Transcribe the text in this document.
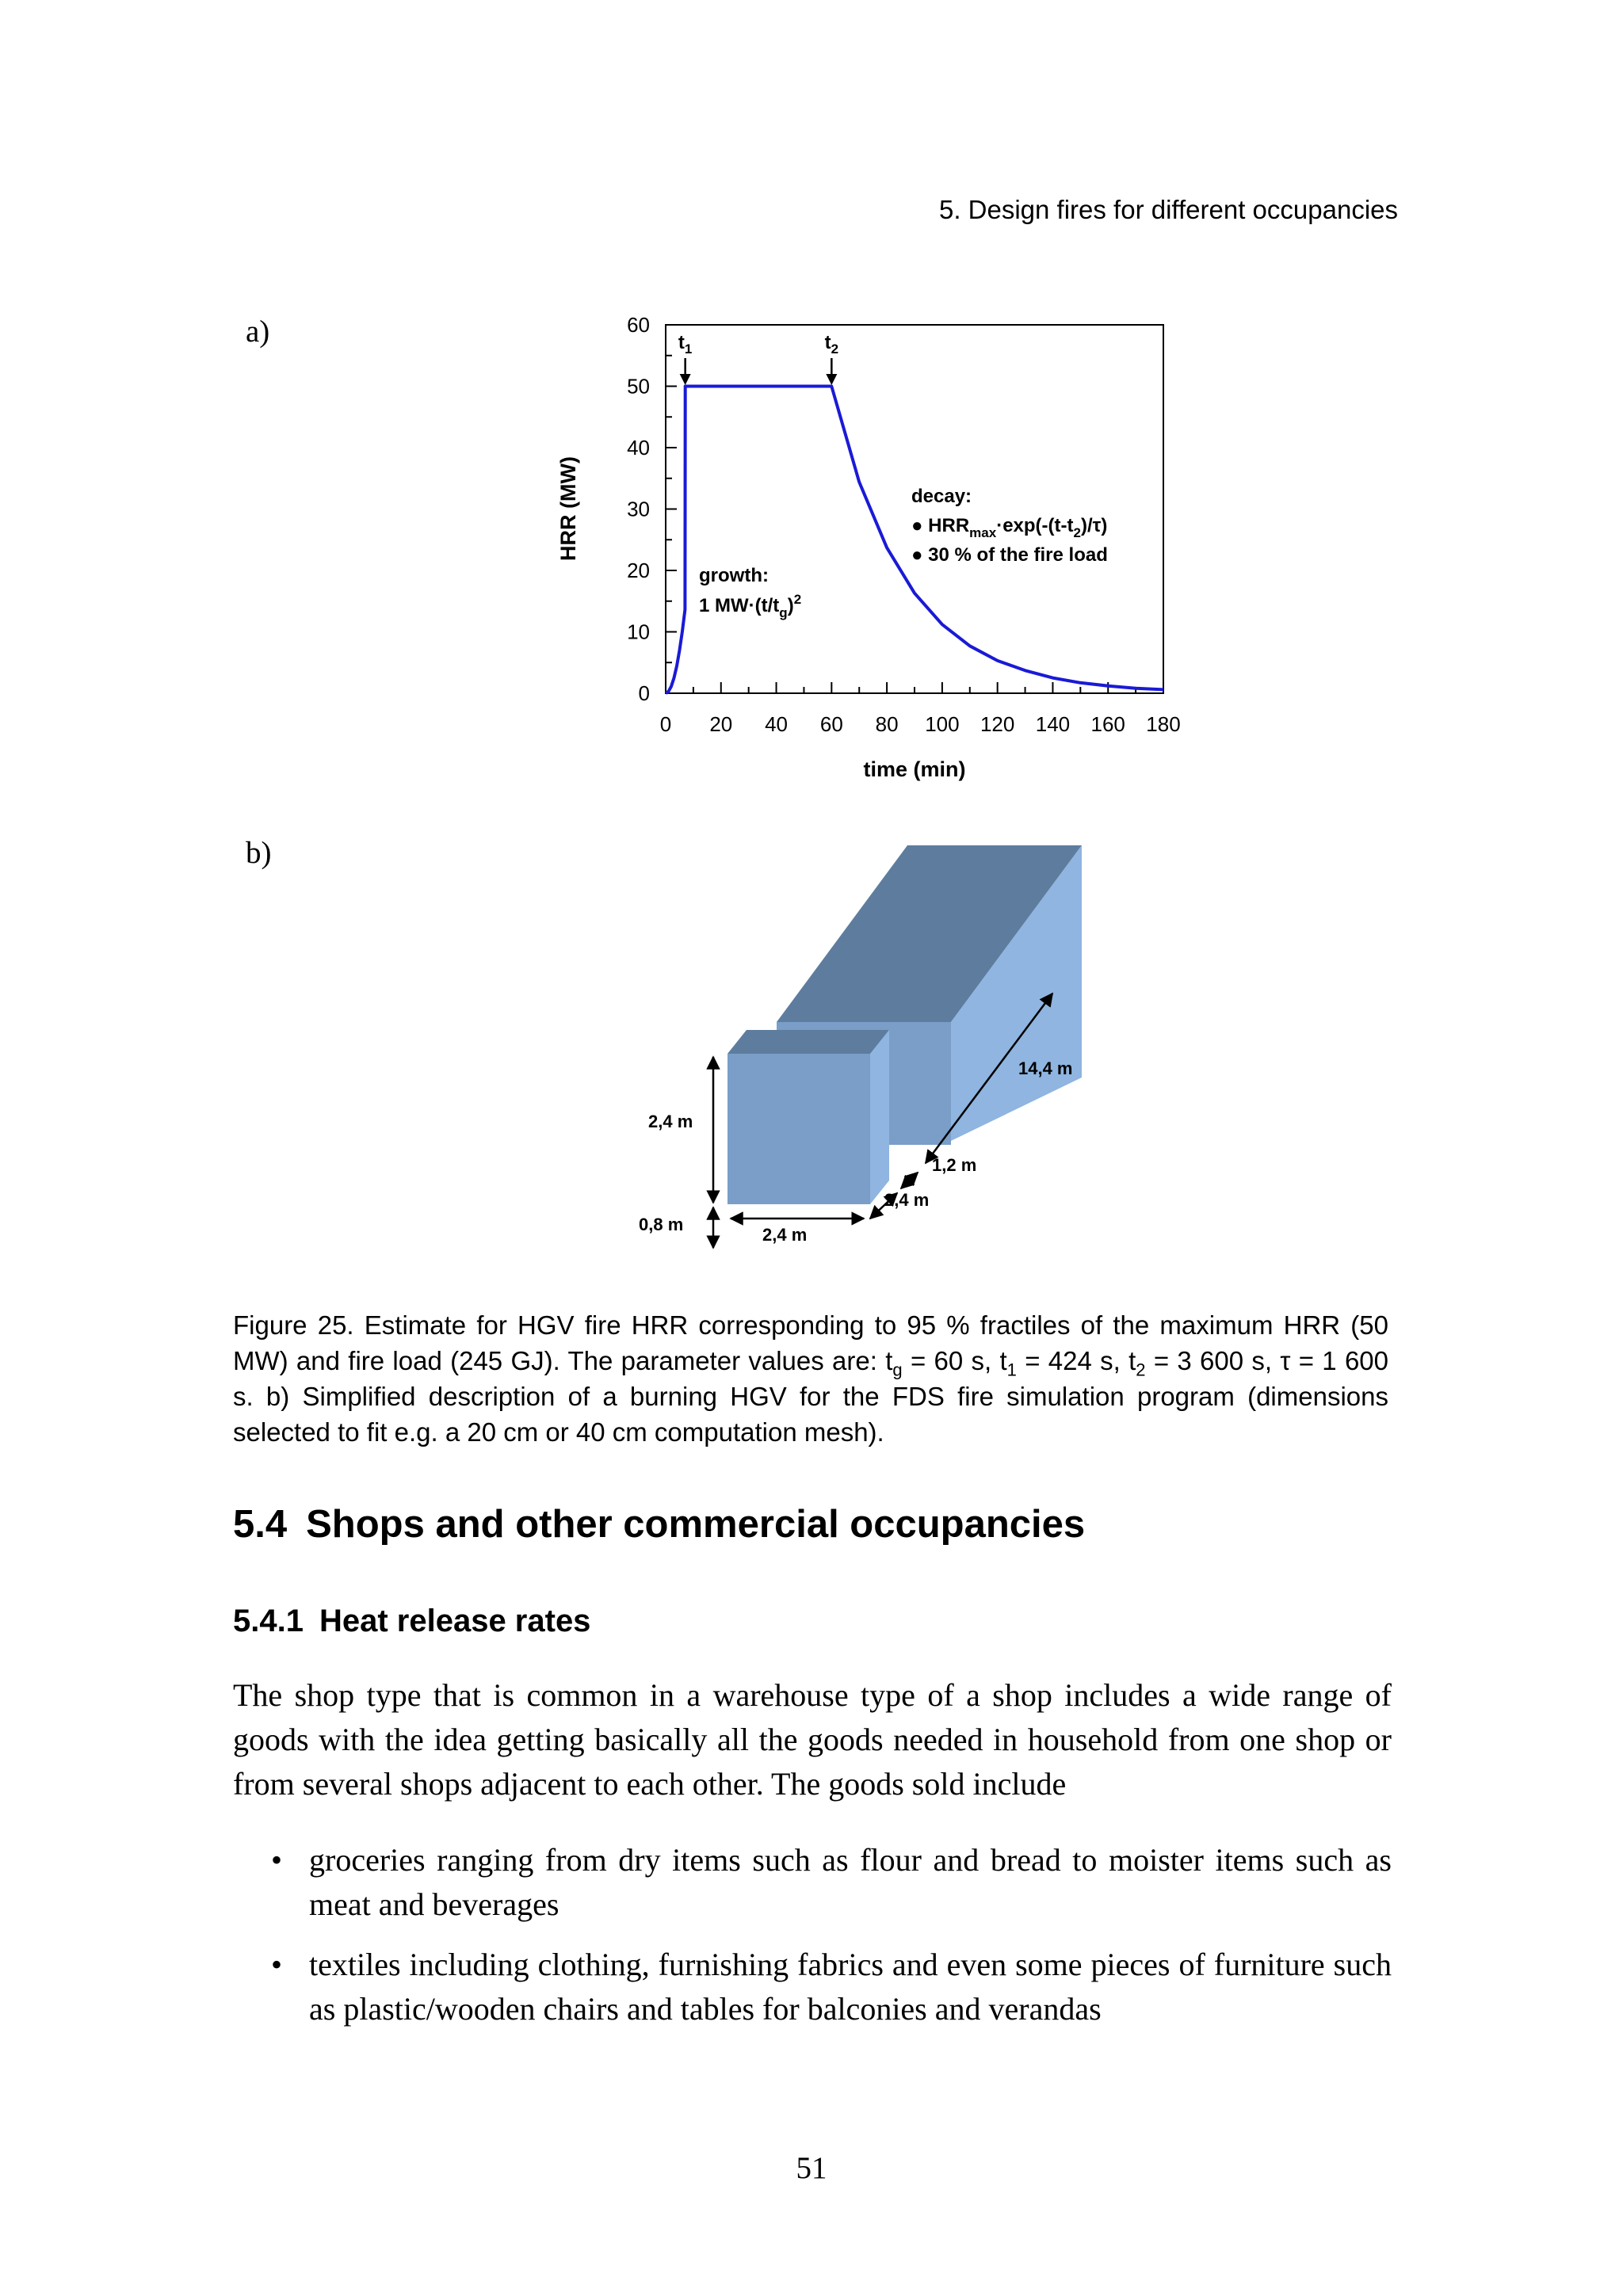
5. Design fires for different occupancies
a)
0 20 40 60 80 100 120 140 160 180
0
10
20
30
40
50
60
$t_1$	$t_2$
time (min)
HRR (MW)
growth:
1 $MW\cdot(t/t_g)^2$
decay:
● $HRR_{max}\cdot\exp(-(t-t_2)/\tau)$
● 30 % of the fire load
b)
2,4 m
0,8 m
2,4 m
2,4 m
1,2 m
14,4 m
Figure 25. Estimate for HGV fire HRR corresponding to 95 % fractiles of the maximum HRR (50 MW) and fire load (245 GJ). The parameter values are: $t_g = 60$ s, $t_1 = 424$ s, $t_2 = 3$ 600 s, τ = 1 600 s. b) Simplified description of a burning HGV for the FDS fire simulation program (dimensions selected to fit e.g. a 20 cm or 40 cm computation mesh).
5.4 Shops and other commercial occupancies
5.4.1 Heat release rates
The shop type that is common in a warehouse type of a shop includes a wide range of goods with the idea getting basically all the goods needed in household from one shop or from several shops adjacent to each other. The goods sold include
• groceries ranging from dry items such as flour and bread to moister items such as meat and beverages
• textiles including clothing, furnishing fabrics and even some pieces of furniture such as plastic/wooden chairs and tables for balconies and verandas
51
